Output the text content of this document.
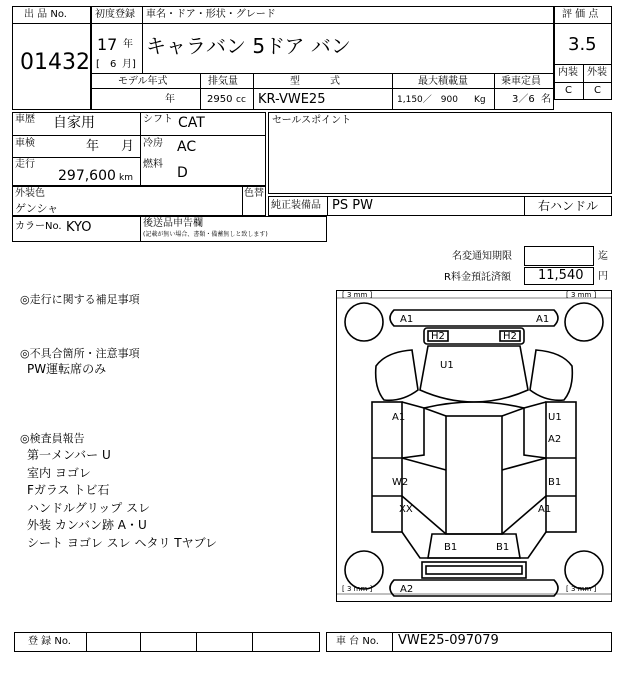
出 品 No.
01432
初度登録 車名・ドア・形状・グレード
17 年
[ 6 月]
キャラバン 5ドア バン
モデル年式	排気量	型　　　式	最大積載量	乗車定員
年	2950 cc KR-VWE25	1,150／　900 Kg	3／6 名
評 価 点
3.5
内装 外装
C C
車歴 自家用
車検	年 月
走行
297,600 km
シフト CAT
冷房 AC
燃料
D
セールスポイント
外装色
ゲンシャ
色替
純正装備品 PS PW	右ハンドル
カラーNo. KYO	後送品申告欄
(記載が無い場合、書類・備蓄無しと致します)
名変通知期限	迄
R料金預託済額 11,540 円
◎走行に関する補足事項
◎不具合箇所・注意事項
PW運転席のみ
◎検査員報告
第一メンバー U
室内 ヨゴレ
Fガラス トビ石
ハンドルグリップ スレ
外装 カンバン跡 A・U
シート ヨゴレ スレ ヘタリ Tヤブレ
[ 3 mm ]	[ 3 mm ]
[ 3 mm ]	[ 3 mm ]
A1	A1
H2	H2
U1
A1	U1
A2
W2	B1
XX	A1
B1	B1
A2
登 録 No.	車 台 No. VWE25-097079
